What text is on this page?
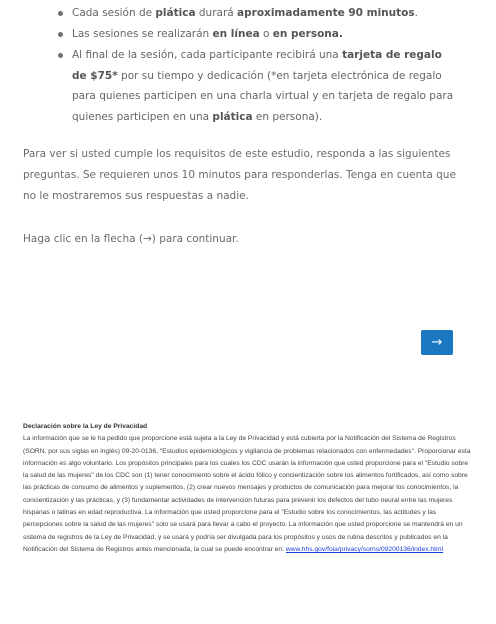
Cada sesión de plática durará aproximadamente 90 minutos.
Las sesiones se realizarán en línea o en persona.
Al final de la sesión, cada participante recibirá una tarjeta de regalo de $75* por su tiempo y dedicación (*en tarjeta electrónica de regalo para quienes participen en una charla virtual y en tarjeta de regalo para quienes participen en una plática en persona).

Para ver si usted cumple los requisitos de este estudio, responda a las siguientes preguntas. Se requieren unos 10 minutos para responderlas. Tenga en cuenta que no le mostraremos sus respuestas a nadie.

Haga clic en la flecha (→) para continuar.

→
Declaración sobre la Ley de Privacidad
La información que se le ha pedido que proporcione está sujeta a la Ley de Privacidad y está cubierta por la Notificación del Sistema de Registros (SORN, por sus siglas en inglés) 09-20-0136, "Estudios epidemiológicos y vigilancia de problemas relacionados con enfermedades". Proporcionar esta información es algo voluntario. Los propósitos principales para los cuales los CDC usarán la información que usted proporcione para el "Estudio sobre la salud de las mujeres" de los CDC son (1) tener conocimiento sobre el ácido fólico y concientización sobre los alimentos fortificados, así como sobre las prácticas de consumo de alimentos y suplementos, (2) crear nuevos mensajes y productos de comunicación para mejorar los conocimientos, la concientización y las prácticas, y (3) fundamentar actividades de intervención futuras para prevenir los defectos del tubo neural entre las mujeres hispanas o latinas en edad reproductiva. La información que usted proporcione para el "Estudio sobre los conocimientos, las actitudes y las percepciones sobre la salud de las mujeres" solo se usará para llevar a cabo el proyecto. La información que usted proporcione se mantendrá en un sistema de registros de la Ley de Privacidad, y se usará y podría ser divulgada para los propósitos y usos de rutina descritos y publicados en la Notificación del Sistema de Registros antes mencionada, la cual se puede encontrar en: www.hhs.gov/foia/privacy/sorns/09200136/index.html
